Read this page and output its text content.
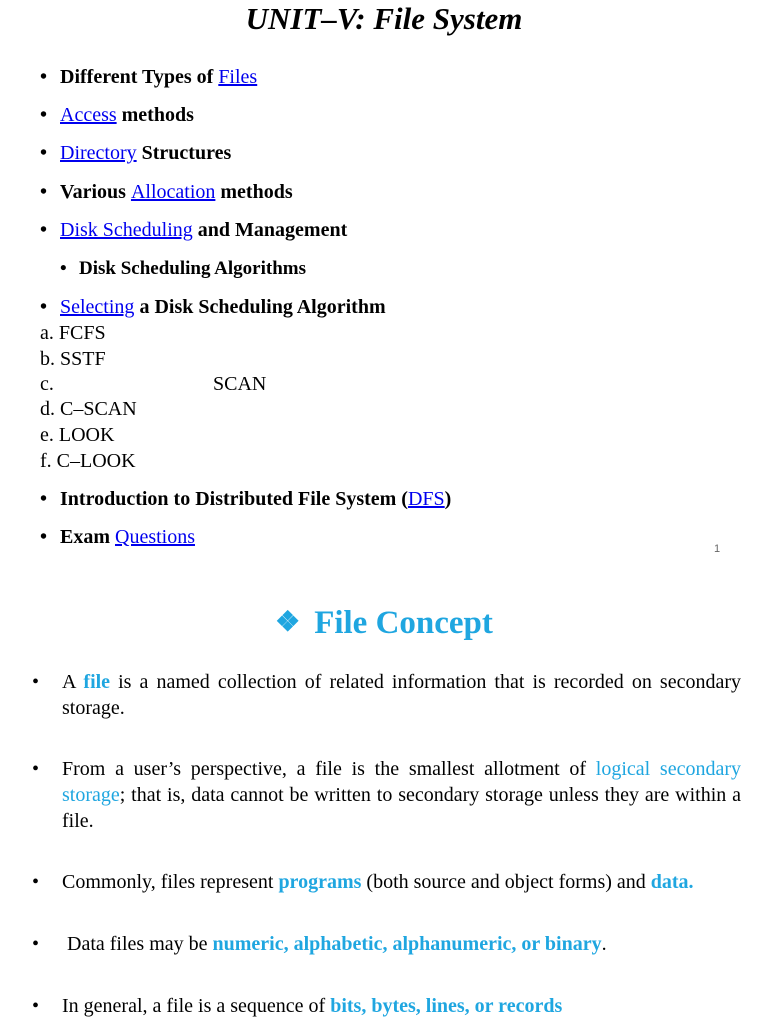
UNIT–V: File System
• Different Types of Files
• Access methods
• Directory Structures
• Various Allocation methods
• Disk Scheduling and Management
• Disk Scheduling Algorithms
• Selecting a Disk Scheduling Algorithm
a. FCFS
b. SSTF
c.	SCAN
d. C–SCAN
e. LOOK
f. C–LOOK
• Introduction to Distributed File System (DFS)
• Exam Questions
1
❖ File Concept
• A file is a named collection of related information that is recorded on secondary storage.
• From a user’s perspective, a file is the smallest allotment of logical secondary storage; that is, data cannot be written to secondary storage unless they are within a file.
• Commonly, files represent programs (both source and object forms) and data.
• Data files may be numeric, alphabetic, alphanumeric, or binary.
• In general, a file is a sequence of bits, bytes, lines, or records
